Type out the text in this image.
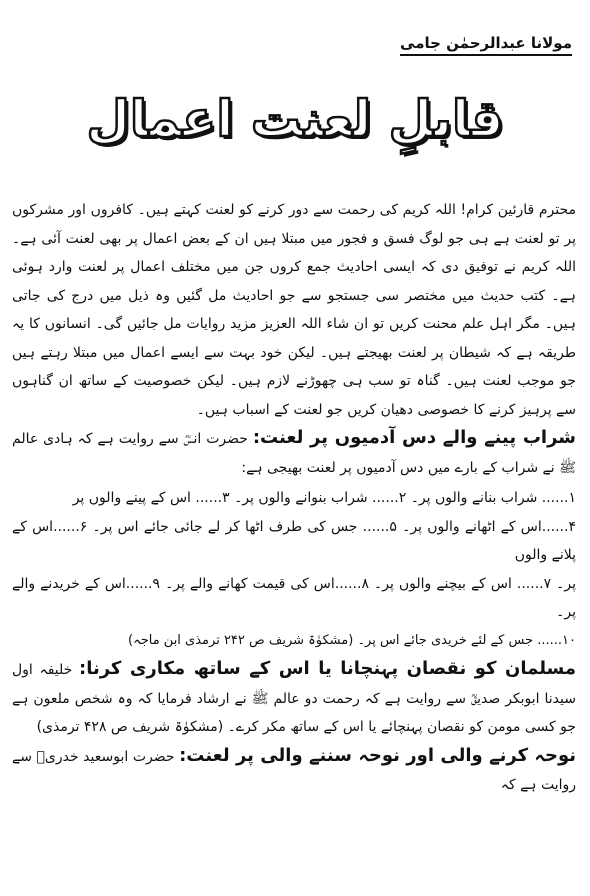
مولانا عبدالرحمٰن جامی
قابلِ لعنت اعمال

محترم قارئین کرام! اللہ کریم کی رحمت سے دور کرنے کو لعنت کہتے ہیں۔ کافروں اور مشرکوں پر تو لعنت ہے ہی جو لوگ فسق و فجور میں مبتلا ہیں ان کے بعض اعمال پر بھی لعنت آئی ہے۔ اللہ کریم نے توفیق دی کہ ایسی احادیث جمع کروں جن میں مختلف اعمال پر لعنت وارد ہوئی ہے۔ کتب حدیث میں مختصر سی جستجو سے جو احادیث مل گئیں وہ ذیل میں درج کی جاتی ہیں۔ مگر اہل علم محنت کریں تو ان شاء اللہ العزیز مزید روایات مل جائیں گی۔ انسانوں کا یہ طریقہ ہے کہ شیطان پر لعنت بھیجتے ہیں۔ لیکن خود بہت سے ایسے اعمال میں مبتلا رہتے ہیں جو موجب لعنت ہیں۔ گناہ تو سب ہی چھوڑنے لازم ہیں۔ لیکن خصوصیت کے ساتھ ان گناہوں سے پرہیز کرنے کا خصوصی دھیان کریں جو لعنت کے اسباب ہیں۔

شراب پینے والے دس آدمیوں پر لعنت: حضرت انسؓ سے روایت ہے کہ ہادی عالم ﷺ نے شراب کے بارے میں دس آدمیوں پر لعنت بھیجی ہے:

۱...... شراب بنانے والوں پر۔ ۲...... شراب بنوانے والوں پر۔ ۳...... اس کے پینے والوں پر

۴......اس کے اٹھانے والوں پر۔ ۵...... جس کی طرف اٹھا کر لے جائی جائے اس پر۔ ۶......اس کے پلانے والوں

پر۔ ۷...... اس کے بیچنے والوں پر۔ ۸......اس کی قیمت کھانے والے پر۔ ۹......اس کے خریدنے والے پر۔

۱۰...... جس کے لئے خریدی جائے اس پر۔ (مشکوٰۃ شریف ص ۲۴۲ ترمذی ابن ماجہ)

مسلمان کو نقصان پہنچانا یا اس کے ساتھ مکاری کرنا: خلیفہ اول سیدنا ابوبکر صدیقؓ سے روایت ہے کہ رحمت دو عالم ﷺ نے ارشاد فرمایا کہ وہ شخص ملعون ہے جو کسی مومن کو نقصان پہنچائے یا اس کے ساتھ مکر کرے۔ (مشکوٰۃ شریف ص ۴۲۸ ترمذی)

نوحہ کرنے والی اور نوحہ سننے والی پر لعنت: حضرت ابوسعید خدریؓ سے روایت ہے کہ
